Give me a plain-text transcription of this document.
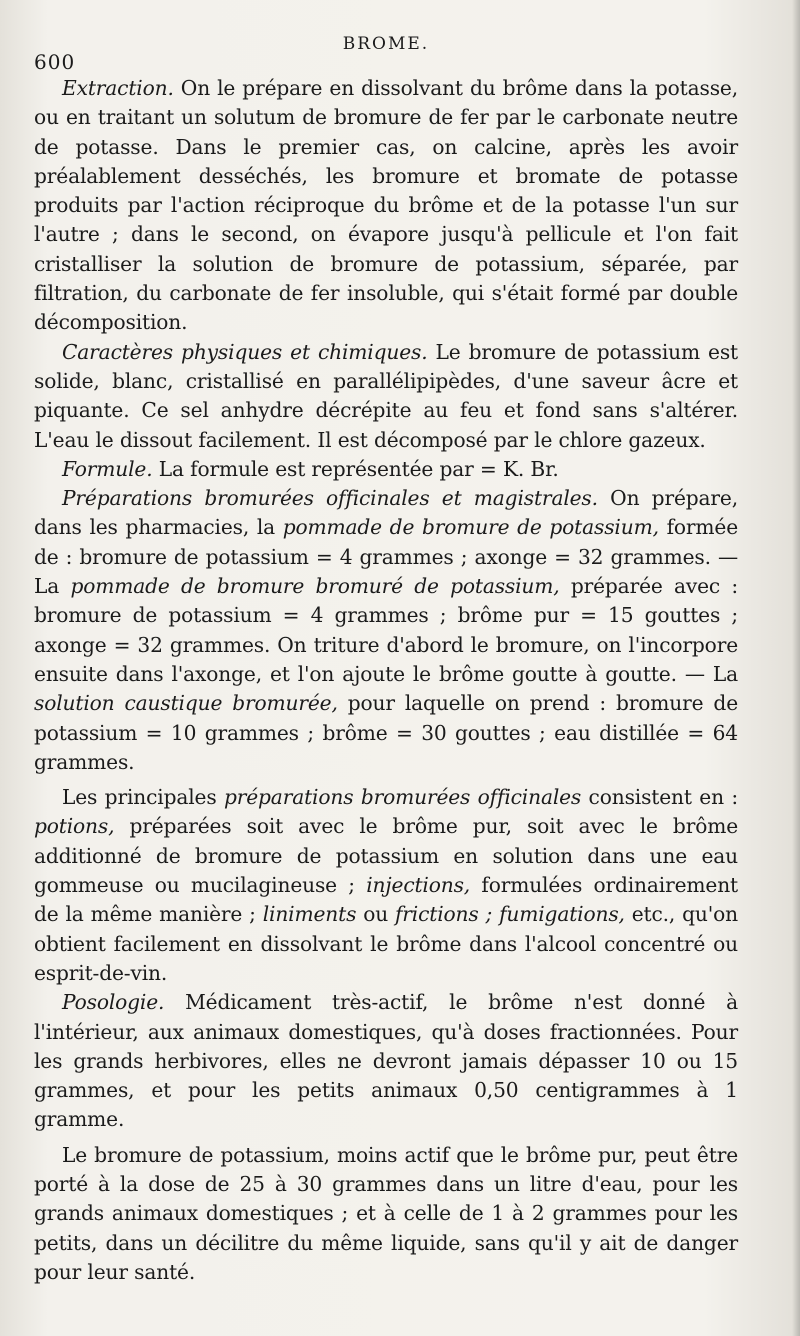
600
BROME.

Extraction. On le prépare en dissolvant du brôme dans la potasse, ou en traitant un solutum de bromure de fer par le carbonate neutre de potasse. Dans le premier cas, on calcine, après les avoir préalablement desséchés, les bromure et bromate de potasse produits par l'action réciproque du brôme et de la potasse l'un sur l'autre ; dans le second, on évapore jusqu'à pellicule et l'on fait cristalliser la solution de bromure de potassium, séparée, par filtration, du carbonate de fer insoluble, qui s'était formé par double décomposition.

Caractères physiques et chimiques. Le bromure de potassium est solide, blanc, cristallisé en parallélipipèdes, d'une saveur âcre et piquante. Ce sel anhydre décrépite au feu et fond sans s'altérer. L'eau le dissout facilement. Il est décomposé par le chlore gazeux.

Formule. La formule est représentée par = K. Br.

Préparations bromurées officinales et magistrales. On prépare, dans les pharmacies, la pommade de bromure de potassium, formée de : bromure de potassium = 4 grammes ; axonge = 32 grammes. — La pommade de bromure bromuré de potassium, préparée avec : bromure de potassium = 4 grammes ; brôme pur = 15 gouttes ; axonge = 32 grammes. On triture d'abord le bromure, on l'incorpore ensuite dans l'axonge, et l'on ajoute le brôme goutte à goutte. — La solution caustique bromurée, pour laquelle on prend : bromure de potassium = 10 grammes ; brôme = 30 gouttes ; eau distillée = 64 grammes.

Les principales préparations bromurées officinales consistent en : potions, préparées soit avec le brôme pur, soit avec le brôme additionné de bromure de potassium en solution dans une eau gommeuse ou mucilagineuse ; injections, formulées ordinairement de la même manière ; liniments ou frictions ; fumigations, etc., qu'on obtient facilement en dissolvant le brôme dans l'alcool concentré ou esprit-de-vin.

Posologie. Médicament très-actif, le brôme n'est donné à l'intérieur, aux animaux domestiques, qu'à doses fractionnées. Pour les grands herbivores, elles ne devront jamais dépasser 10 ou 15 grammes, et pour les petits animaux 0,50 centigrammes à 1 gramme.

Le bromure de potassium, moins actif que le brôme pur, peut être porté à la dose de 25 à 30 grammes dans un litre d'eau, pour les grands animaux domestiques ; et à celle de 1 à 2 grammes pour les petits, dans un décilitre du même liquide, sans qu'il y ait de danger pour leur santé.
